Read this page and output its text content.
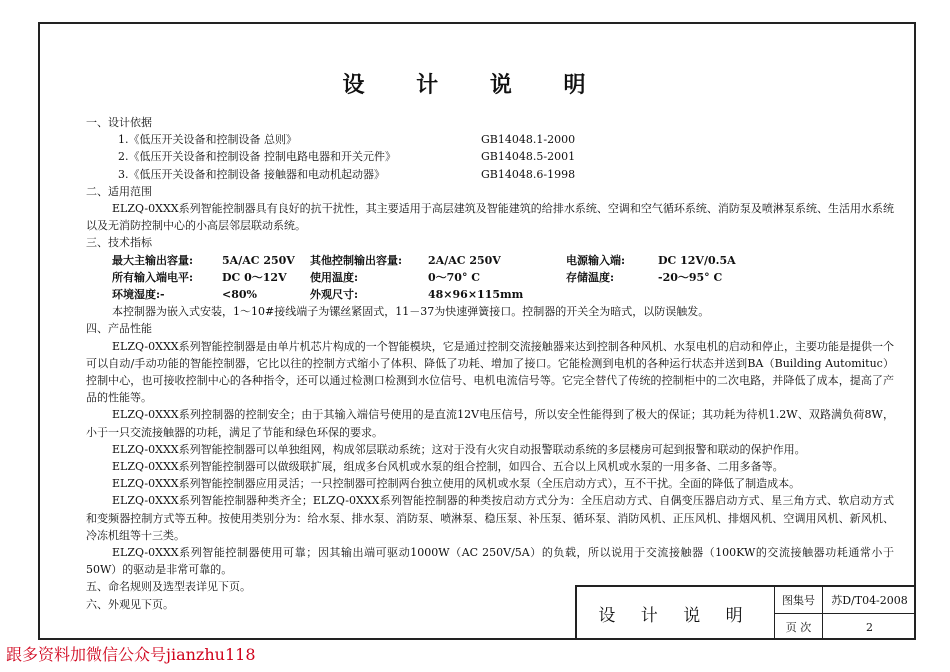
设 计 说 明
一、设计依据
1.《低压开关设备和控制设备 总则》	GB14048.1-2000
2.《低压开关设备和控制设备 控制电路电器和开关元件》	GB14048.5-2001
3.《低压开关设备和控制设备 接触器和电动机起动器》	GB14048.6-1998
二、适用范围
ELZQ-0XXX系列智能控制器具有良好的抗干扰性，其主要适用于高层建筑及智能建筑的给排水系统、空调和空气循环系统、消防泵及喷淋泵系统、生活用水系统以及无消防控制中心的小高层邻层联动系统。
三、技术指标
最大主输出容量:	5A/AC 250V	其他控制输出容量:	2A/AC 250V	电源输入端:	DC 12V/0.5A
所有输入端电平:	DC 0～12V	使用温度:	0～70° C	存储温度:	-20～95° C
环境湿度:-	<80%	外观尺寸:	48×96×115mm
本控制器为嵌入式安装，1～10#接线端子为镙丝紧固式，11－37为快速弹簧接口。控制器的开关全为暗式，以防误触发。
四、产品性能
ELZQ-0XXX系列智能控制器是由单片机芯片构成的一个智能模块，它是通过控制交流接触器来达到控制各种风机、水泵电机的启动和停止，主要功能是提供一个可以自动/手动功能的智能控制器，它比以往的控制方式缩小了体积、降低了功耗、增加了接口。它能检测到电机的各种运行状态并送到BA（Building Automituc）控制中心，也可接收控制中心的各种指令，还可以通过检测口检测到水位信号、电机电流信号等。它完全替代了传统的控制柜中的二次电路，并降低了成本，提高了产品的性能等。
ELZQ-0XXX系列控制器的控制安全；由于其输入端信号使用的是直流12V电压信号，所以安全性能得到了极大的保证；其功耗为待机1.2W、双路满负荷8W， 小于一只交流接触器的功耗，满足了节能和绿色环保的要求。
ELZQ-0XXX系列智能控制器可以单独组网，构成邻层联动系统；这对于没有火灾自动报警联动系统的多层楼房可起到报警和联动的保护作用。
ELZQ-0XXX系列智能控制器可以做级联扩展，组成多台风机或水泵的组合控制，如四合、五合以上风机或水泵的一用多备、二用多备等。
ELZQ-0XXX系列智能控制器应用灵活；一只控制器可控制两台独立使用的风机或水泵（全压启动方式），互不干扰。全面的降低了制造成本。
ELZQ-0XXX系列智能控制器种类齐全；ELZQ-0XXX系列智能控制器的种类按启动方式分为：全压启动方式、自偶变压器启动方式、星三角方式、软启动方式和变频器控制方式等五种。按使用类别分为：给水泵、排水泵、消防泵、喷淋泵、稳压泵、补压泵、循环泵、消防风机、正压风机、排烟风机、空调用风机、新风机、冷冻机组等十三类。
ELZQ-0XXX系列智能控制器使用可靠；因其输出端可驱动1000W（AC 250V/5A）的负载，所以说用于交流接触器（100KW的交流接触器功耗通常小于50W）的驱动是非常可靠的。
五、命名规则及选型表详见下页。
六、外观见下页。
设 计 说 明
图集号	苏D/T04-2008
页 次	2
跟多资料加微信公众号jianzhu118
